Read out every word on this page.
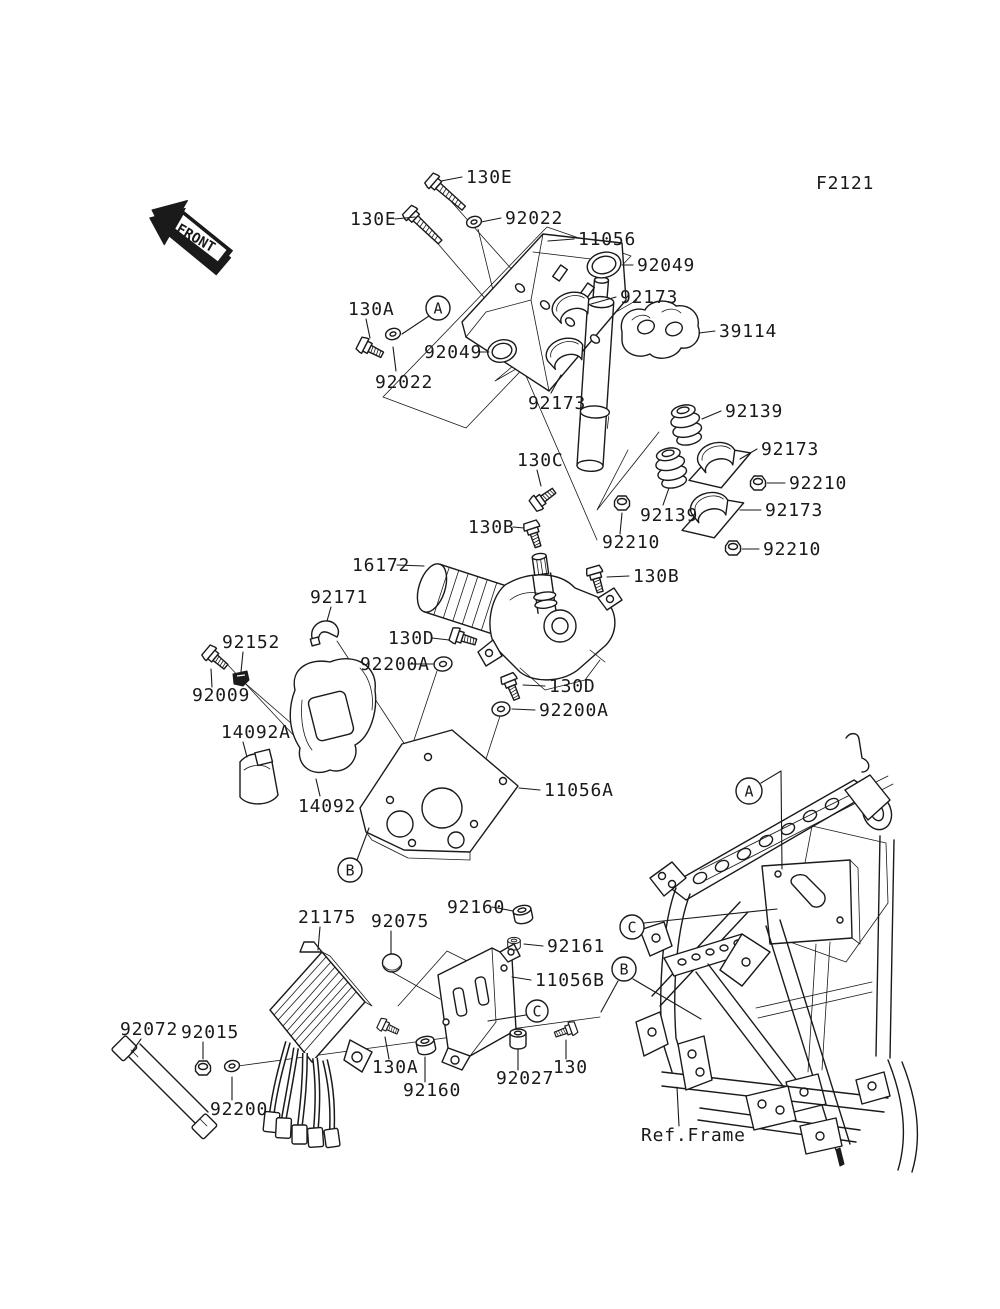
FRONT
F2121
130E
130E	92022
11056
92049
92173
39114
130A
92049
92022
92173	92139
92173
92210
130C
92139	92173
92210	92210
130B
130B
16172
92171
92152	130D
92200A
92009
14092A
130D
92200A
14092
11056A
21175 92075
92160
92161
11056B
130A
92160
92027
130
92072 92015
92200
Ref.Frame
A
B
C
A
C
B
